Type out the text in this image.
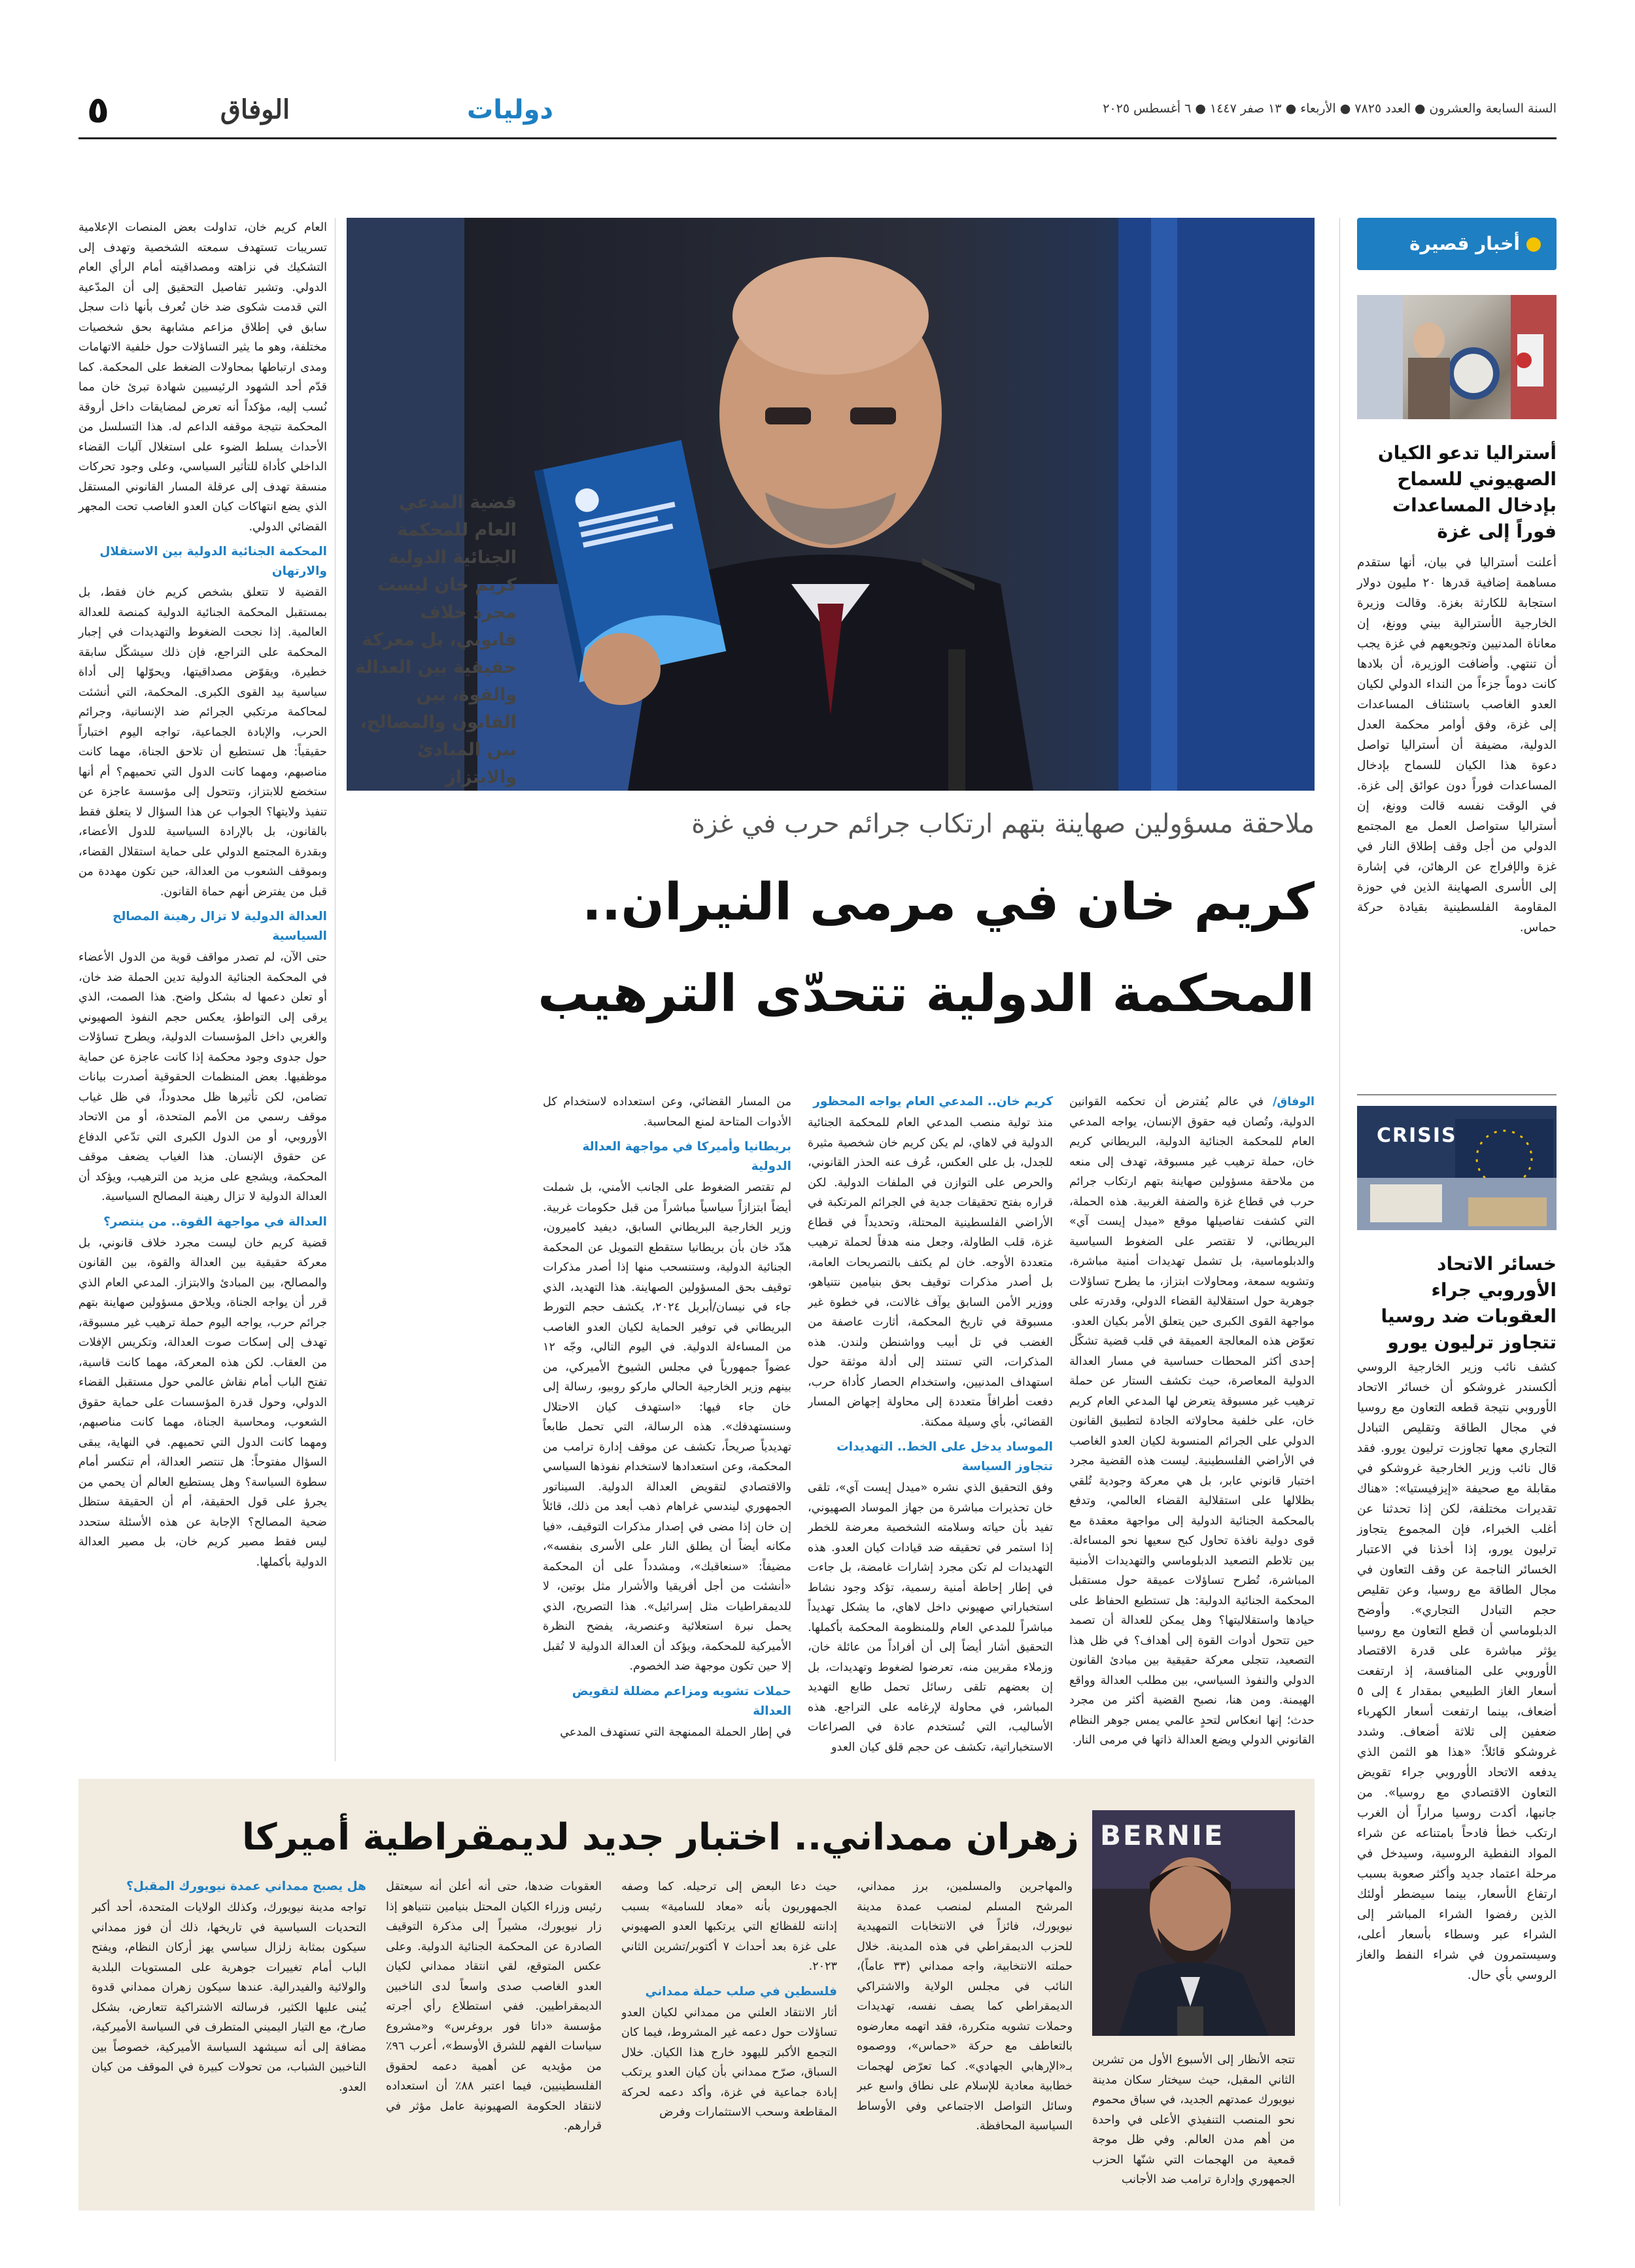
٥	الوفاق	دوليات	السنة السابعة والعشرون ● العدد ٧٨٢٥ ● الأربعاء ● ١٣ صفر ١٤٤٧ ● ٦ أغسطس ٢٠٢٥
أخبار قصيرة
أستراليا تدعو الكيان الصهيوني للسماح بإدخال المساعدات فوراً إلى غزة
أعلنت أستراليا في بيان، أنها ستقدم مساهمة إضافية قدرها ٢٠ مليون دولار استجابة للكارثة بغزة. وقالت وزيرة الخارجية الأسترالية بيني وونغ، إن معاناة المدنيين وتجويعهم في غزة يجب أن تنتهي. وأضافت الوزيرة، أن بلادها كانت دوماً جزءاً من النداء الدولي لكيان العدو الغاصب باستئناف المساعدات إلى غزة، وفق أوامر محكمة العدل الدولية، مضيفة أن أستراليا تواصل دعوة هذا الكيان للسماح بإدخال المساعدات فوراً دون عوائق إلى غزة. في الوقت نفسه قالت وونغ، إن أستراليا ستواصل العمل مع المجتمع الدولي من أجل وقف إطلاق النار في غزة والإفراج عن الرهائن، في إشارة إلى الأسرى الصهاينة الذين في حوزة المقاومة الفلسطينية بقيادة حركة حماس.
CRISIS
خسائر الاتحاد الأوروبي جراء العقوبات ضد روسيا تتجاوز ترليون يورو
كشف نائب وزير الخارجية الروسي ألكسندر غروشكو أن خسائر الاتحاد الأوروبي نتيجة قطعه التعاون مع روسيا في مجال الطاقة وتقليص التبادل التجاري معها تجاوزت ترليون يورو. فقد قال نائب وزير الخارجية غروشكو في مقابلة مع صحيفة «إيزفيستيا»: «هناك تقديرات مختلفة، لكن إذا تحدثنا عن أغلب الخبراء، فإن المجموع يتجاوز ترليون يورو، إذا أخذنا في الاعتبار الخسائر الناجمة عن وقف التعاون في مجال الطاقة مع روسيا، وعن تقليص حجم التبادل التجاري». وأوضح الدبلوماسي أن قطع التعاون مع روسيا يؤثر مباشرة على قدرة الاقتصاد الأوروبي على المنافسة، إذ ارتفعت أسعار الغاز الطبيعي بمقدار ٤ إلى ٥ أضعاف، بينما ارتفعت أسعار الكهرباء ضعفين إلى ثلاثة أضعاف. وشدد غروشكو قائلاً: «هذا هو الثمن الذي يدفعه الاتحاد الأوروبي جراء تقويض التعاون الاقتصادي مع روسيا». من جانبها، أكدت روسيا مراراً أن الغرب ارتكب خطأ فادحاً بامتناعه عن شراء المواد النفطية الروسية، وسيدخل في مرحلة اعتماد جديد وأكثر صعوبة بسبب ارتفاع الأسعار، بينما سيضطر أولئك الذين رفضوا الشراء المباشر إلى الشراء عبر وسطاء بأسعار أعلى، وسيستمرون في شراء النفط والغاز الروسي بأي حال.
ملاحقة مسؤولين صهاينة بتهم ارتكاب جرائم حرب في غزة
كريم خان في مرمى النيران..
المحكمة الدولية تتحدّى الترهيب
قضية المدعي العام للمحكمة الجنائية الدولية كريم خان ليست مجرد خلاف قانوني، بل معركة حقيقية بين العدالة والقوة، بين القانون والمصالح، بين المبادئ والابتزاز
العام كريم خان، تداولت بعض المنصات الإعلامية تسريبات تستهدف سمعته الشخصية وتهدف إلى التشكيك في نزاهته ومصداقيته أمام الرأي العام الدولي. وتشير تفاصيل التحقيق إلى أن المدّعية التي قدمت شكوى ضد خان تُعرف بأنها ذات سجل سابق في إطلاق مزاعم مشابهة بحق شخصيات مختلفة، وهو ما يثير التساؤلات حول خلفية الاتهامات ومدى ارتباطها بمحاولات الضغط على المحكمة. كما قدّم أحد الشهود الرئيسيين شهادة تبرئ خان مما نُسب إليه، مؤكداً أنه تعرض لمضايقات داخل أروقة المحكمة نتيجة موقفه الداعم له. هذا التسلسل من الأحداث يسلط الضوء على استغلال آليات القضاء الداخلي كأداة للتأثير السياسي، وعلى وجود تحركات منسقة تهدف إلى عرقلة المسار القانوني المستقل الذي يضع انتهاكات كيان العدو الغاصب تحت المجهر القضائي الدولي.
المحكمة الجنائية الدولية بين الاستقلال والارتهان
القضية لا تتعلق بشخص كريم خان فقط، بل بمستقبل المحكمة الجنائية الدولية كمنصة للعدالة العالمية. إذا نجحت الضغوط والتهديدات في إجبار المحكمة على التراجع، فإن ذلك سيشكّل سابقة خطيرة، ويقوّض مصداقيتها، ويحوّلها إلى أداة سياسية بيد القوى الكبرى. المحكمة، التي أنشئت لمحاكمة مرتكبي الجرائم ضد الإنسانية، وجرائم الحرب، والإبادة الجماعية، تواجه اليوم اختباراً حقيقياً: هل تستطيع أن تلاحق الجناة، مهما كانت مناصبهم، ومهما كانت الدول التي تحميهم؟ أم أنها ستخضع للابتزاز، وتتحول إلى مؤسسة عاجزة عن تنفيذ ولايتها؟ الجواب عن هذا السؤال لا يتعلق فقط بالقانون، بل بالإرادة السياسية للدول الأعضاء، وبقدرة المجتمع الدولي على حماية استقلال القضاء، وبموقف الشعوب من العدالة، حين تكون مهددة من قبل من يفترض أنهم حماة القانون.
العدالة الدولية لا تزال رهينة المصالح السياسية
حتى الآن، لم تصدر مواقف قوية من الدول الأعضاء في المحكمة الجنائية الدولية تدين الحملة ضد خان، أو تعلن دعمها له بشكل واضح. هذا الصمت، الذي يرقى إلى التواطؤ، يعكس حجم النفوذ الصهيوني والغربي داخل المؤسسات الدولية، ويطرح تساؤلات حول جدوى وجود محكمة إذا كانت عاجزة عن حماية موظفيها. بعض المنظمات الحقوقية أصدرت بيانات تضامن، لكن تأثيرها ظل محدوداً، في ظل غياب موقف رسمي من الأمم المتحدة، أو من الاتحاد الأوروبي، أو من الدول الكبرى التي تدّعي الدفاع عن حقوق الإنسان. هذا الغياب يضعف موقف المحكمة، ويشجع على مزيد من الترهيب، ويؤكد أن العدالة الدولية لا تزال رهينة المصالح السياسية.
العدالة في مواجهة القوة.. من ينتصر؟
قضية كريم خان ليست مجرد خلاف قانوني، بل معركة حقيقية بين العدالة والقوة، بين القانون والمصالح، بين المبادئ والابتزاز. المدعي العام الذي قرر أن يواجه الجناة، ويلاحق مسؤولين صهاينة بتهم جرائم حرب، يواجه اليوم حملة ترهيب غير مسبوقة، تهدف إلى إسكات صوت العدالة، وتكريس الإفلات من العقاب. لكن هذه المعركة، مهما كانت قاسية، تفتح الباب أمام نقاش عالمي حول مستقبل القضاء الدولي، وحول قدرة المؤسسات على حماية حقوق الشعوب، ومحاسبة الجناة، مهما كانت مناصبهم، ومهما كانت الدول التي تحميهم. في النهاية، يبقى السؤال مفتوحاً: هل تنتصر العدالة، أم تنكسر أمام سطوة السياسة؟ وهل يستطيع العالم أن يحمي من يجرؤ على قول الحقيقة، أم أن الحقيقة ستظل ضحية المصالح؟ الإجابة عن هذه الأسئلة ستحدد ليس فقط مصير كريم خان، بل مصير العدالة الدولية بأكملها.
الوفاق/ في عالم يُفترض أن تحكمه القوانين الدولية، وتُصان فيه حقوق الإنسان، يواجه المدعي العام للمحكمة الجنائية الدولية، البريطاني كريم خان، حملة ترهيب غير مسبوقة، تهدف إلى منعه من ملاحقة مسؤولين صهاينة بتهم ارتكاب جرائم حرب في قطاع غزة والضفة الغربية. هذه الحملة، التي كشفت تفاصيلها موقع «ميدل إيست آي» البريطاني، لا تقتصر على الضغوط السياسية والدبلوماسية، بل تشمل تهديدات أمنية مباشرة، وتشويه سمعة، ومحاولات ابتزاز، ما يطرح تساؤلات جوهرية حول استقلالية القضاء الدولي، وقدرته على مواجهة القوى الكبرى حين يتعلق الأمر بكيان العدو.
تعوّض هذه المعالجة العميقة في قلب قضية تشكّل إحدى أكثر المحطات حساسية في مسار العدالة الدولية المعاصرة، حيث تكشف الستار عن حملة ترهيب غير مسبوقة يتعرض لها المدعي العام كريم خان، على خلفية محاولاته الجادة لتطبيق القانون الدولي على الجرائم المنسوبة لكيان العدو الغاصب في الأراضي الفلسطينية. ليست هذه القضية مجرد اختبار قانوني عابر، بل هي معركة وجودية تُلقي بظلالها على استقلالية القضاء العالمي، وتدفع بالمحكمة الجنائية الدولية إلى مواجهة معقدة مع قوى دولية نافذة تحاول كبح سعيها نحو المساءلة. بين تلاطم التصعيد الدبلوماسي والتهديدات الأمنية المباشرة، تُطرح تساؤلات عميقة حول مستقبل المحكمة الجنائية الدولية: هل تستطيع الحفاظ على حيادها واستقلاليتها؟ وهل يمكن للعدالة أن تصمد حين تتحول أدوات القوة إلى أهداف؟ في ظل هذا التصعيد، تتجلى معركة حقيقية بين مبادئ القانون الدولي والنفوذ السياسي، بين مطلب العدالة وواقع الهيمنة. ومن هنا، نصبح القضية أكثر من مجرد حدث؛ إنها انعكاس لتحدٍ عالمي يمس جوهر النظام القانوني الدولي ويضع العدالة ذاتها في مرمى النار.
كريم خان.. المدعي العام يواجه المحظور
منذ تولية منصب المدعي العام للمحكمة الجنائية الدولية في لاهاي، لم يكن كريم خان شخصية مثيرة للجدل، بل على العكس، عُرف عنه الحذر القانوني، والحرص على التوازن في الملفات الدولية. لكن قراره بفتح تحقيقات جدية في الجرائم المرتكبة في الأراضي الفلسطينية المحتلة، وتحديداً في قطاع غزة، قلب الطاولة، وجعل منه هدفاً لحملة ترهيب متعددة الأوجه. خان لم يكتف بالتصريحات العامة، بل أصدر مذكرات توقيف بحق بنيامين نتنياهو، ووزير الأمن السابق يوآف غالانت، في خطوة غير مسبوقة في تاريخ المحكمة، أثارت عاصفة من الغضب في تل أبيب وواشنطن ولندن. هذه المذكرات، التي تستند إلى أدلة موثقة حول استهداف المدنيين، واستخدام الحصار كأداة حرب، دفعت أطرافاً متعددة إلى محاولة إجهاض المسار القضائي، بأي وسيلة ممكنة.
الموساد يدخل على الخط.. التهديدات تتجاوز السياسة
وفق التحقيق الذي نشره «ميدل إيست آي»، تلقى خان تحذيرات مباشرة من جهاز الموساد الصهيوني، تفيد بأن حياته وسلامته الشخصية معرضة للخطر إذا استمر في تحقيقه ضد قيادات كيان العدو. هذه التهديدات لم تكن مجرد إشارات غامضة، بل جاءت في إطار إحاطة أمنية رسمية، تؤكد وجود نشاط استخباراتي صهيوني داخل لاهاي، ما يشكل تهديداً مباشراً للمدعي العام وللمنظومة المحكمة بأكملها. التحقيق أشار أيضاً إلى أن أفراداً من عائلة خان، وزملاء مقربين منه، تعرضوا لضغوط وتهديدات، بل إن بعضهم تلقى رسائل تحمل طابع التهديد المباشر، في محاولة لإرغامه على التراجع. هذه الأساليب، التي تُستخدم عادة في الصراعات الاستخباراتية، تكشف عن حجم قلق كيان العدو
من المسار القضائي، وعن استعداده لاستخدام كل الأدوات المتاحة لمنع المحاسبة.
بريطانيا وأميركا في مواجهة العدالة الدولية
لم تقتصر الضغوط على الجانب الأمني، بل شملت أيضاً ابتزازاً سياسياً مباشراً من قبل حكومات غربية. وزير الخارجية البريطاني السابق، ديفيد كاميرون، هدّد خان بأن بريطانيا ستقطع التمويل عن المحكمة الجنائية الدولية، وستنسحب منها إذا أصدر مذكرات توقيف بحق المسؤولين الصهاينة. هذا التهديد، الذي جاء في نيسان/أبريل ٢٠٢٤، يكشف حجم التورط البريطاني في توفير الحماية لكيان العدو الغاصب من المساءلة الدولية. في اليوم التالي، وجّه ١٢ عضواً جمهورياً في مجلس الشيوخ الأميركي، من بينهم وزير الخارجية الحالي ماركو روبيو، رسالة إلى خان جاء فيها: «استهدف كيان الاحتلال وسنستهدفك». هذه الرسالة، التي تحمل طابعاً تهديدياً صريحاً، تكشف عن موقف إدارة ترامب من المحكمة، وعن استعدادها لاستخدام نفوذها السياسي والاقتصادي لتقويض العدالة الدولية. السيناتور الجمهوري ليندسي غراهام ذهب أبعد من ذلك، قائلاً إن خان إذا مضى في إصدار مذكرات التوقيف، «فيا مكانه أيضاً أن يطلق النار على الأسرى بنفسه»، مضيفاً: «سنعاقبك»، ومشدداً على أن المحكمة «أنشئت من أجل أفريقيا والأشرار مثل بوتين، لا للديمقراطيات مثل إسرائيل». هذا التصريح، الذي يحمل نبرة استعلائية وعنصرية، يفضح النظرة الأميركية للمحكمة، ويؤكد أن العدالة الدولية لا تُقبل إلا حين تكون موجهة ضد الخصوم.
حملات تشويه ومزاعم مضللة لتقويض العدالة
في إطار الحملة الممنهجة التي تستهدف المدعي
زهران ممداني.. اختبار جديد لديمقراطية أميركا BERNIE
تتجه الأنظار إلى الأسبوع الأول من تشرين الثاني المقبل، حيث سيختار سكان مدينة نيويورك عمدتهم الجديد، في سباق محموم نحو المنصب التنفيذي الأعلى في واحدة من أهم مدن العالم. وفي ظل موجة قمعية من الهجمات التي شنّها الحزب الجمهوري وإدارة ترامب ضد الأجانب
والمهاجرين والمسلمين، برز ممداني، المرشح المسلم لمنصب عمدة مدينة نيويورك، فائزاً في الانتخابات التمهيدية للحزب الديمقراطي في هذه المدينة. خلال حملته الانتخابية، واجه ممداني (٣٣ عاماً)، النائب في مجلس الولاية والاشتراكي الديمقراطي كما يصف نفسه، تهديدات وحملات تشويه متكررة، فقد اتهمه معارضوه بالتعاطف مع حركة «حماس»، ووصموه بـ«الإرهابي الجهادي». كما تعرّض لهجمات خطابية معادية للإسلام على نطاق واسع عبر وسائل التواصل الاجتماعي وفي الأوساط السياسية المحافظة.
حيث دعا البعض إلى ترحيله. كما وصفه الجمهوريون بأنه «معاد للسامية» بسبب إدانته للفظائع التي يرتكبها العدو الصهيوني على غزة بعد أحداث ٧ أكتوبر/تشرين الثاني ٢٠٢٣.
فلسطين في صلب حملة ممداني
أثار الانتقاد العلني من ممداني لكيان العدو تساؤلات حول دعمه غير المشروط، فيما كان التجمع الأكبر لليهود خارج هذا الكيان. خلال السباق، صرّح ممداني بأن كيان العدو يرتكب إبادة جماعية في غزة، وأكد دعمه لحركة المقاطعة وسحب الاستثمارات وفرض
العقوبات ضدها، حتى أنه أعلن أنه سيعتقل رئيس وزراء الكيان المحتل بنيامين نتنياهو إذا زار نيويورك، مشيراً إلى مذكرة التوقيف الصادرة عن المحكمة الجنائية الدولية. وعلى عكس المتوقع، لقي انتقاد ممداني لكيان العدو الغاصب صدى واسعاً لدى الناخبين الديمقراطيين. ففي استطلاع رأي أجرته مؤسسة «داتا فور بروغرس» و«مشروع سياسات الفهم للشرق الأوسط»، أعرب ٩٦٪ من مؤيديه عن أهمية دعمه لحقوق الفلسطينيين، فيما اعتبر ٨٨٪ أن استعداده لانتقاد الحكومة الصهيونية عامل مؤثر في قرارهم.
هل يصبح ممداني عمدة نيويورك المقبل؟
تواجه مدينة نيويورك، وكذلك الولايات المتحدة، أحد أكبر التحديات السياسية في تاريخها، ذلك أن فوز ممداني سيكون بمثابة زلزال سياسي يهز أركان النظام، ويفتح الباب أمام تغييرات جوهرية على المستويات البلدية والولائية والفيدرالية. عندها سيكون زهران ممداني قدوة يُبنى عليها الكثير، فرسالته الاشتراكية تتعارض، بشكل صارخ، مع التيار اليميني المتطرف في السياسة الأميركية، مضافة إلى أنه سيشهد السياسة الأميركية، خصوصاً بين الناخبين الشباب، من تحولات كبيرة في الموقف من كيان العدو.
